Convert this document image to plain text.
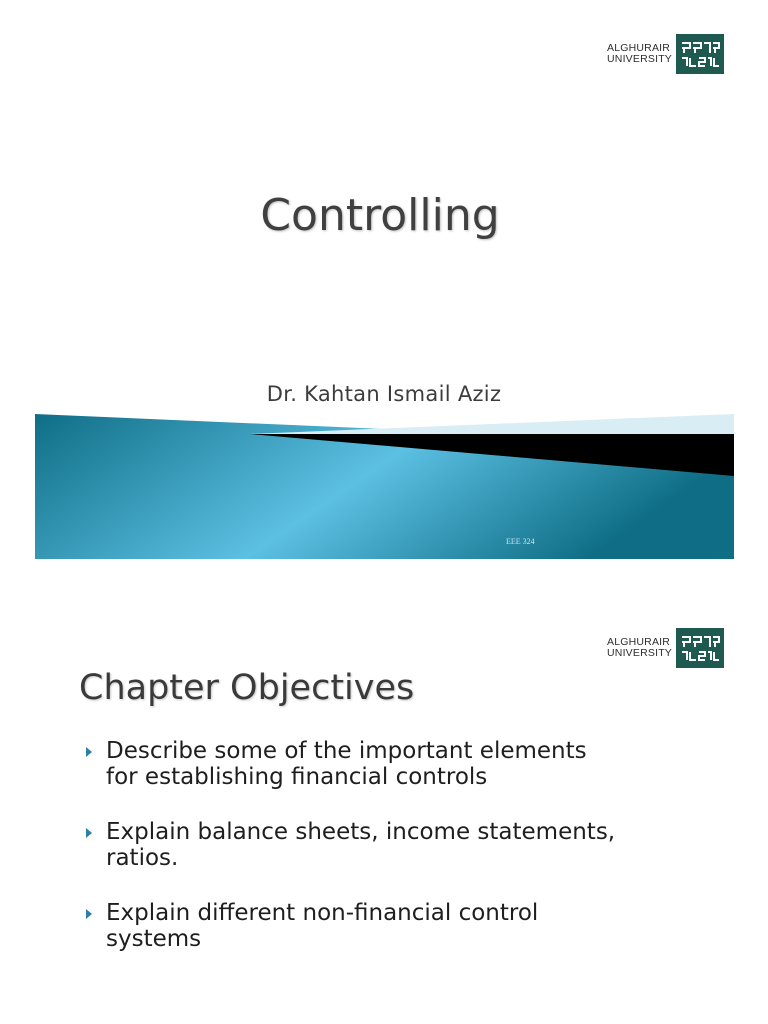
ALGHURAIR
UNIVERSITY
Controlling
Dr. Kahtan Ismail Aziz
EEE 324
ALGHURAIR
UNIVERSITY
Chapter Objectives
Describe some of the important elements
for establishing financial controls
Explain balance sheets, income statements,
ratios.
Explain different non-financial control
systems
